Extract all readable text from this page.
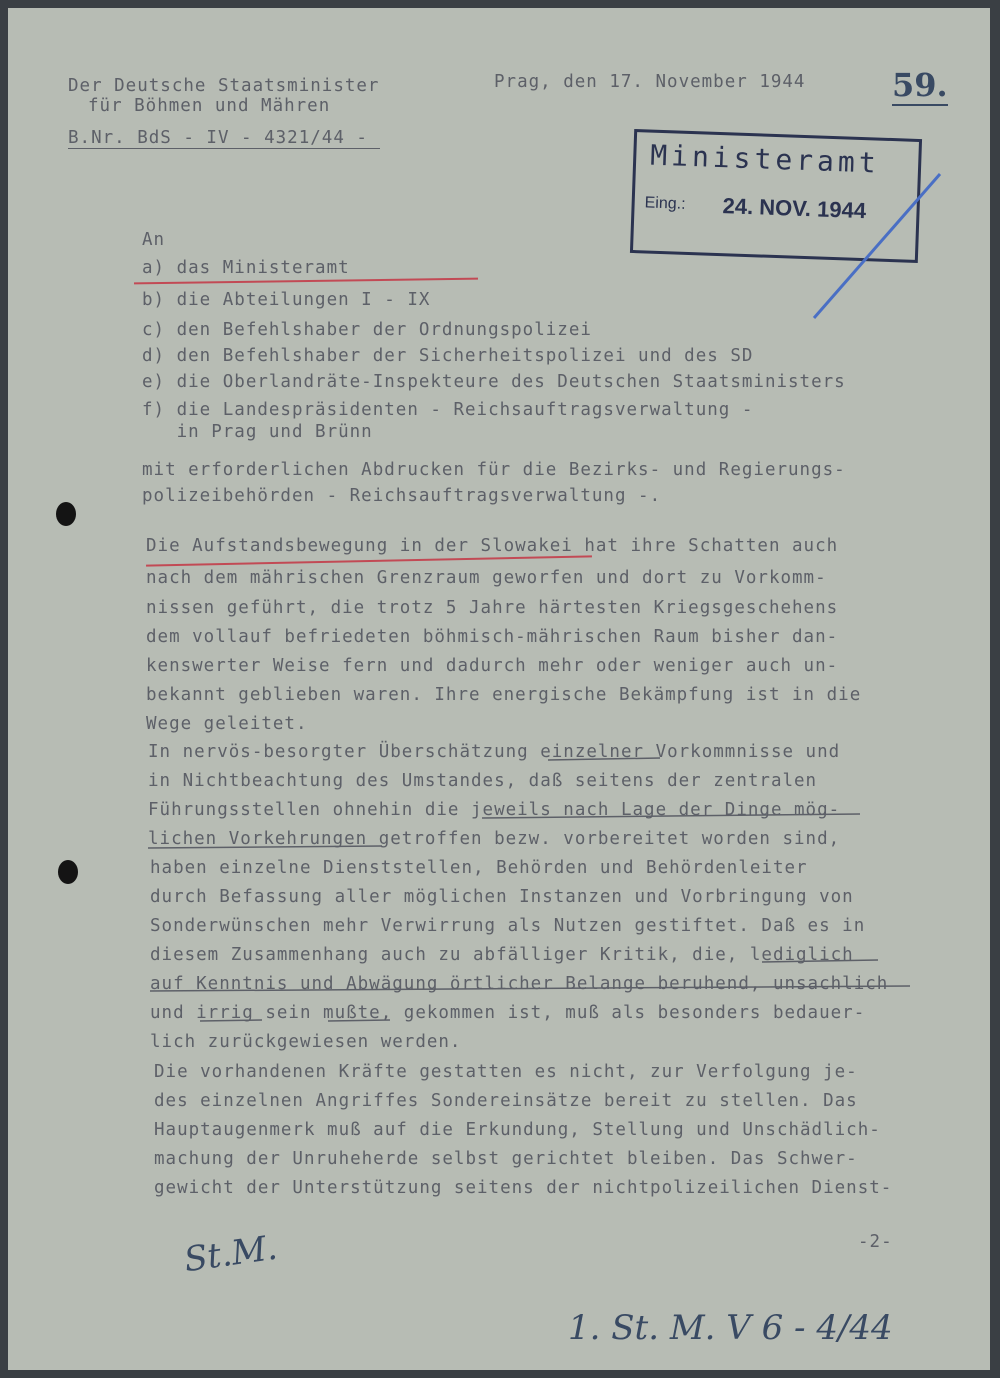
Der Deutsche Staatsminister
für Böhmen und Mähren
B.Nr. BdS - IV - 4321/44 -
Prag, den 17. November 1944	59.
Ministeramt
Eing.: 24. NOV. 1944
An
a) das Ministeramt
b) die Abteilungen I - IX
c) den Befehlshaber der Ordnungspolizei
d) den Befehlshaber der Sicherheitspolizei und des SD
e) die Oberlandräte-Inspekteure des Deutschen Staatsministers
f) die Landespräsidenten - Reichsauftragsverwaltung -
in Prag und Brünn
mit erforderlichen Abdrucken für die Bezirks- und Regierungs-
polizeibehörden - Reichsauftragsverwaltung -.
Die Aufstandsbewegung in der Slowakei hat ihre Schatten auch
nach dem mährischen Grenzraum geworfen und dort zu Vorkomm-
nissen geführt, die trotz 5 Jahre härtesten Kriegsgeschehens
dem vollauf befriedeten böhmisch-mährischen Raum bisher dan-
kenswerter Weise fern und dadurch mehr oder weniger auch un-
bekannt geblieben waren. Ihre energische Bekämpfung ist in die
Wege geleitet.
In nervös-besorgter Überschätzung einzelner Vorkommnisse und
in Nichtbeachtung des Umstandes, daß seitens der zentralen
Führungsstellen ohnehin die jeweils nach Lage der Dinge mög-
lichen Vorkehrungen getroffen bezw. vorbereitet worden sind,
haben einzelne Dienststellen, Behörden und Behördenleiter
durch Befassung aller möglichen Instanzen und Vorbringung von
Sonderwünschen mehr Verwirrung als Nutzen gestiftet. Daß es in
diesem Zusammenhang auch zu abfälliger Kritik, die, lediglich
auf Kenntnis und Abwägung örtlicher Belange beruhend, unsachlich
und irrig sein mußte, gekommen ist, muß als besonders bedauer-
lich zurückgewiesen werden.
Die vorhandenen Kräfte gestatten es nicht, zur Verfolgung je-
des einzelnen Angriffes Sondereinsätze bereit zu stellen. Das
Hauptaugenmerk muß auf die Erkundung, Stellung und Unschädlich-
machung der Unruheherde selbst gerichtet bleiben. Das Schwer-
gewicht der Unterstützung seitens der nichtpolizeilichen Dienst-
-2-
St.M.
1. St. M. V 6 - 4/44
